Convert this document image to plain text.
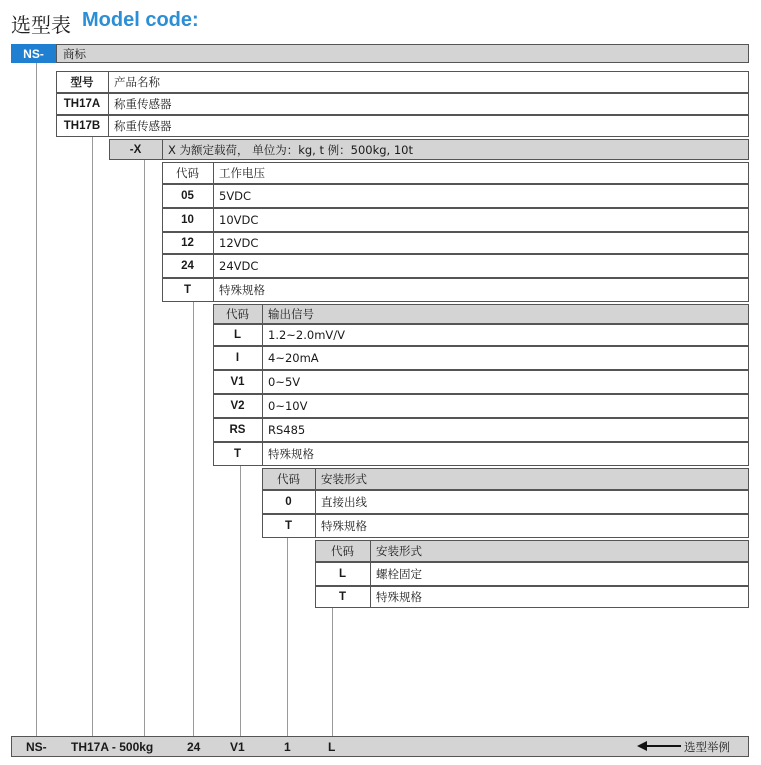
选型表 Model code:
NS-	商标
型号 产品名称
TH17A 称重传感器
TH17B 称重传感器
-X X 为额定载荷， 单位为：kg, t 例：500kg, 10t
代码 工作电压
05 5VDC
10 10VDC
12 12VDC
24 24VDC
T 特殊规格
代码 输出信号
L 1.2~2.0mV/V
I	4~20mA
V1 0~5V
V2 0~10V
RS RS485
T 特殊规格
代码 安装形式
0	直接出线
T	特殊规格
代码 安装形式
L	螺栓固定
T	特殊规格
NS- TH17A - 500kg	24 V1	1	L	选型举例
